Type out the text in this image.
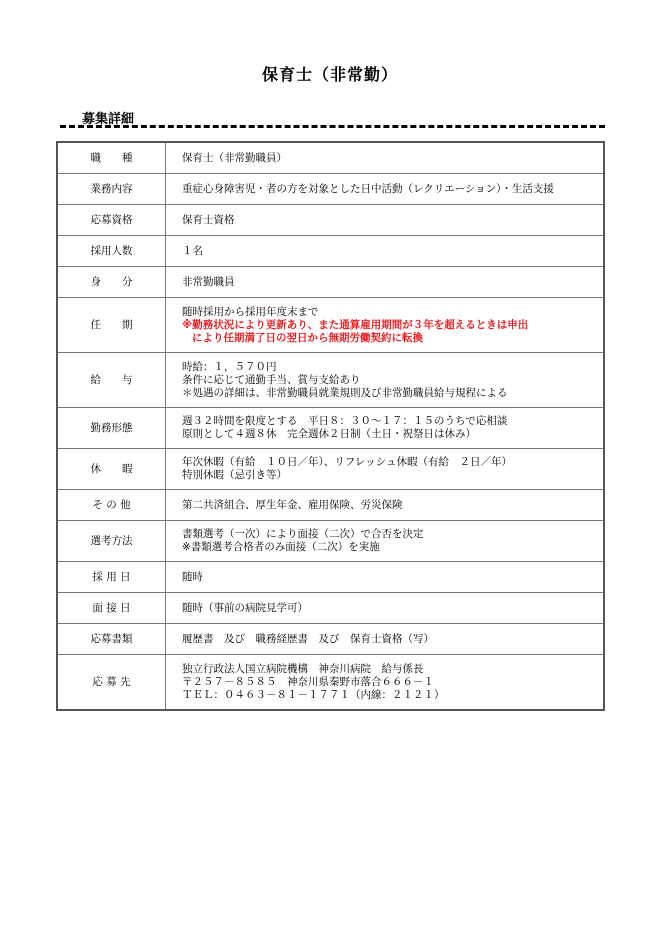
保育士（非常勤）
募集詳細
職　　種	保育士（非常勤職員）

業務内容	重症心身障害児・者の方を対象とした日中活動（レクリエーション）・生活支援

応募資格	保育士資格

採用人数	１名

身　　分	非常勤職員

任　　期	随時採用から採用年度末まで
※勤務状況により更新あり、また通算雇用期間が３年を超えるときは申出
により任期満了日の翌日から無期労働契約に転換

給　　与	時給：１，５７０円
条件に応じて通勤手当、賞与支給あり
＊処遇の詳細は、非常勤職員就業規則及び非常勤職員給与規程による

勤務形態	週３２時間を限度とする　平日８：３０～１７：１５のうちで応相談
原則として４週８休　完全週休２日制（土日・祝祭日は休み）

休　　暇	年次休暇（有給　１０日／年）、リフレッシュ休暇（有給　２日／年）
特別休暇（忌引き等）

そ の 他	第二共済組合、厚生年金、雇用保険、労災保険

選考方法	書類選考（一次）により面接（二次）で合否を決定
※書類選考合格者のみ面接（二次）を実施

採 用 日	随時

面 接 日	随時（事前の病院見学可）

応募書類	履歴書　及び　職務経歴書　及び　保育士資格（写）

応 募 先	独立行政法人国立病院機構　神奈川病院　給与係長
〒２５７－８５８５　神奈川県秦野市落合６６６－１
ＴＥＬ：０４６３－８１－１７７１（内線：２１２１）
